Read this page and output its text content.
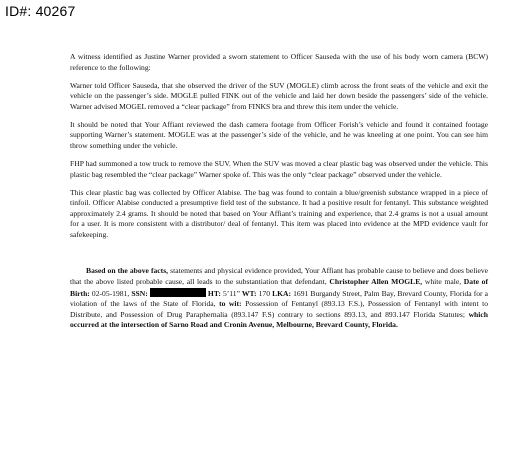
ID#: 40267

A witness identified as Justine Warner provided a sworn statement to Officer Sauseda with the use of his body worn camera (BCW) reference to the following:

Warner told Officer Sauseda, that she observed the driver of the SUV (MOGLE) climb across the front seats of the vehicle and exit the vehicle on the passenger’s side. MOGLE pulled FINK out of the vehicle and laid her down beside the passengers’ side of the vehicle. Warner advised MOGEL removed a “clear package” from FINKS bra and threw this item under the vehicle.

It should be noted that Your Affiant reviewed the dash camera footage from Officer Forish’s vehicle and found it contained footage supporting Warner’s statement. MOGLE was at the passenger’s side of the vehicle, and he was kneeling at one point. You can see him throw something under the vehicle.

FHP had summoned a tow truck to remove the SUV. When the SUV was moved a clear plastic bag was observed under the vehicle. This plastic bag resembled the “clear package” Warner spoke of. This was the only “clear package” observed under the vehicle.

This clear plastic bag was collected by Officer Alabise. The bag was found to contain a blue/greenish substance wrapped in a piece of tinfoil. Officer Alabise conducted a presumptive field test of the substance. It had a positive result for fentanyl. This substance weighted approximately 2.4 grams. It should be noted that based on Your Affiant’s training and experience, that 2.4 grams is not a usual amount for a user. It is more consistent with a distributor/ deal of fentanyl. This item was placed into evidence at the MPD evidence vault for safekeeping.

Based on the above facts, statements and physical evidence provided, Your Affiant has probable cause to believe and does believe that the above listed probable cause, all leads to the substantiation that defendant, Christopher Allen MOGLE, white male, Date of Birth: 02-05-1981, SSN:	HT: 5’11” WT: 170 LKA: 1691 Burgandy Street, Palm Bay, Brevard County, Florida for a violation of the laws of the State of Florida, to wit: Possession of Fentanyl (893.13 F.S.), Possession of Fentanyl with intent to Distribute, and Possession of Drug Paraphernalia (893.147 F.S) contrary to sections 893.13, and 893.147 Florida Statutes; which occurred at the intersection of Sarno Road and Cronin Avenue, Melbourne, Brevard County, Florida.
